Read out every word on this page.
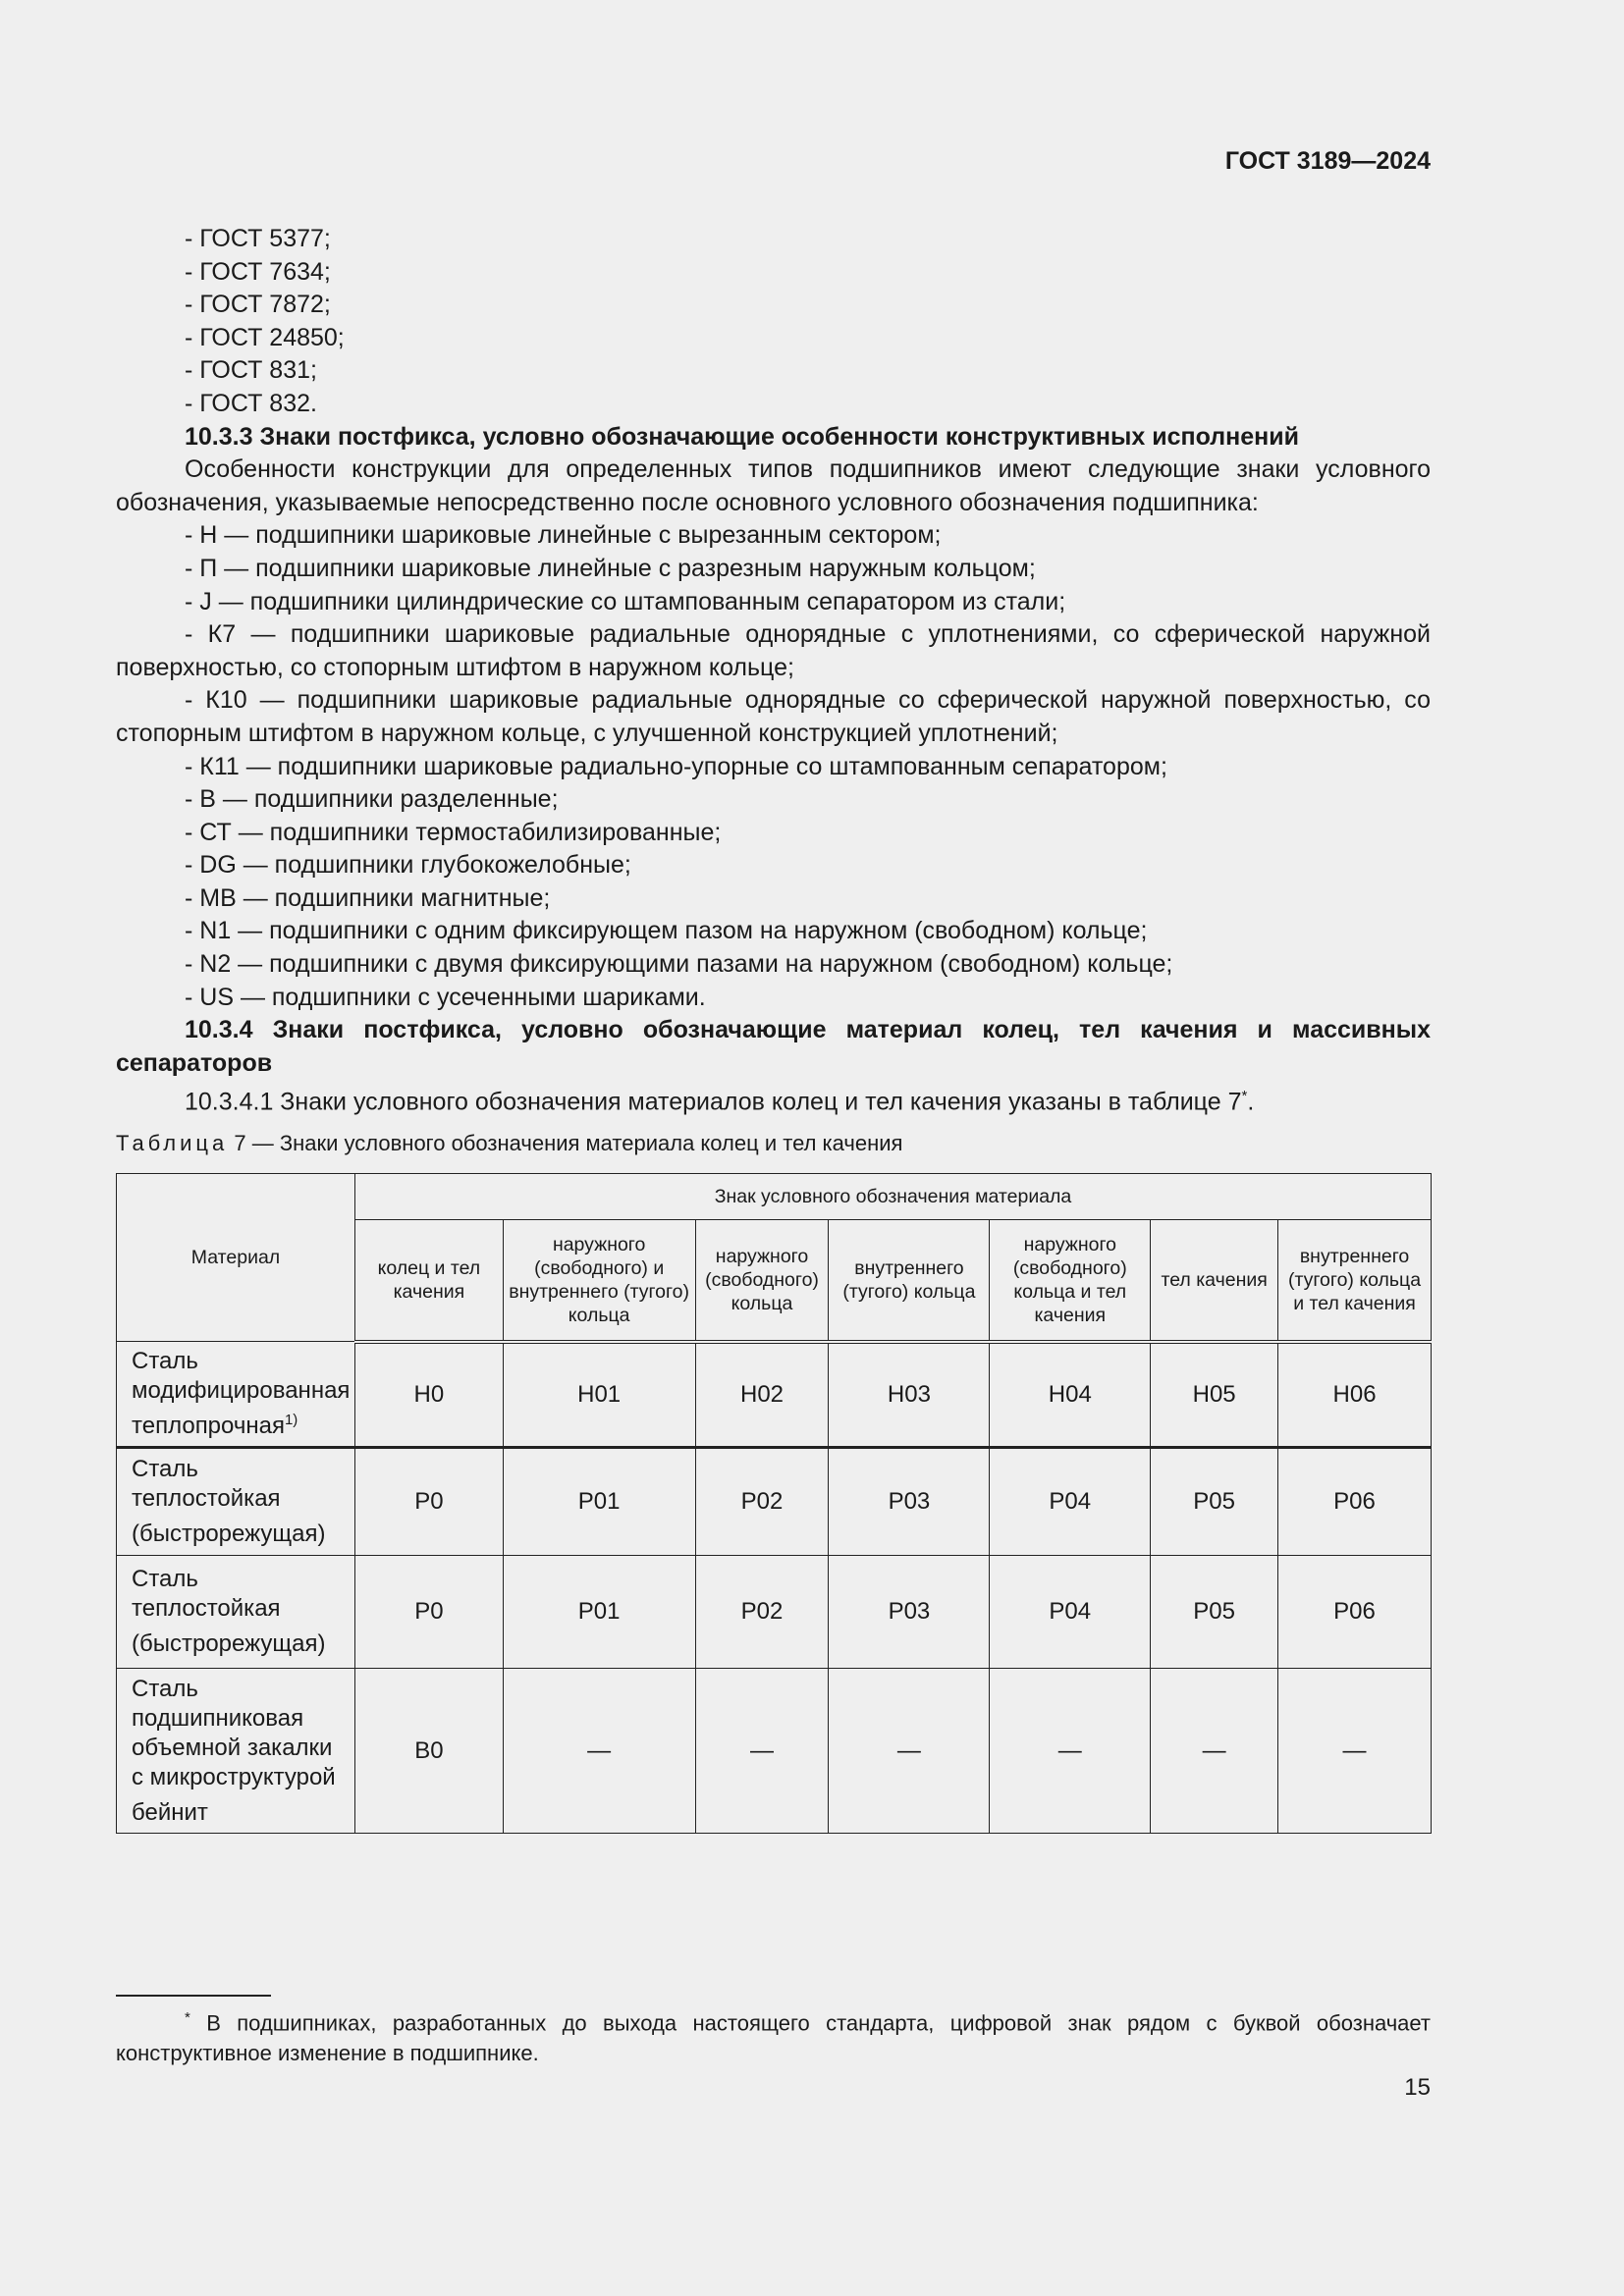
ГОСТ 3189—2024

- ГОСТ 5377;

- ГОСТ 7634;

- ГОСТ 7872;

- ГОСТ 24850;

- ГОСТ 831;

- ГОСТ 832.

10.3.3 Знаки постфикса, условно обозначающие особенности конструктивных исполнений

Особенности конструкции для определенных типов подшипников имеют следующие знаки условного обозначения, указываемые непосредственно после основного условного обозначения подшипника:

- H — подшипники шариковые линейные с вырезанным сектором;

- П — подшипники шариковые линейные с разрезным наружным кольцом;

- J — подшипники цилиндрические со штампованным сепаратором из стали;

- К7 — подшипники шариковые радиальные однорядные с уплотнениями, со сферической наружной поверхностью, со стопорным штифтом в наружном кольце;

- К10 — подшипники шариковые радиальные однорядные со сферической наружной поверхностью, со стопорным штифтом в наружном кольце, с улучшенной конструкцией уплотнений;

- К11 — подшипники шариковые радиально-упорные со штампованным сепаратором;

- В — подшипники разделенные;

- СТ — подшипники термостабилизированные;

- DG — подшипники глубокожелобные;

- МВ — подшипники магнитные;

- N1 — подшипники с одним фиксирующем пазом на наружном (свободном) кольце;

- N2 — подшипники с двумя фиксирующими пазами на наружном (свободном) кольце;

- US — подшипники с усеченными шариками.

10.3.4 Знаки постфикса, условно обозначающие материал колец, тел качения и массивных сепараторов

10.3.4.1 Знаки условного обозначения материалов колец и тел качения указаны в таблице 7*.

Таблица 7 — Знаки условного обозначения материала колец и тел качения
Материал	Знак условного обозначения материала						
	колец и тел качения	наружного (свободного) и внутреннего (тугого) кольца	наружного (свободного) кольца	внутреннего (тугого) кольца	наружного (свободного) кольца и тел качения	тел качения	внутреннего (тугого) кольца и тел качения
Сталь модифицированная теплопрочная$^{1)}$	Н0	Н01	Н02	Н03	Н04	Н05	Н06
Сталь теплостойкая (быстрорежущая)	Р0	Р01	Р02	Р03	Р04	Р05	Р06
Сталь теплостойкая (быстрорежущая)	Р0	Р01	Р02	Р03	Р04	Р05	Р06
Сталь подшипниковая объемной закалки с микроструктурой бейнит	В0	—	—	—	—	—	—

* В подшипниках, разработанных до выхода настоящего стандарта, цифровой знак рядом с буквой обозначает конструктивное изменение в подшипнике.

15
